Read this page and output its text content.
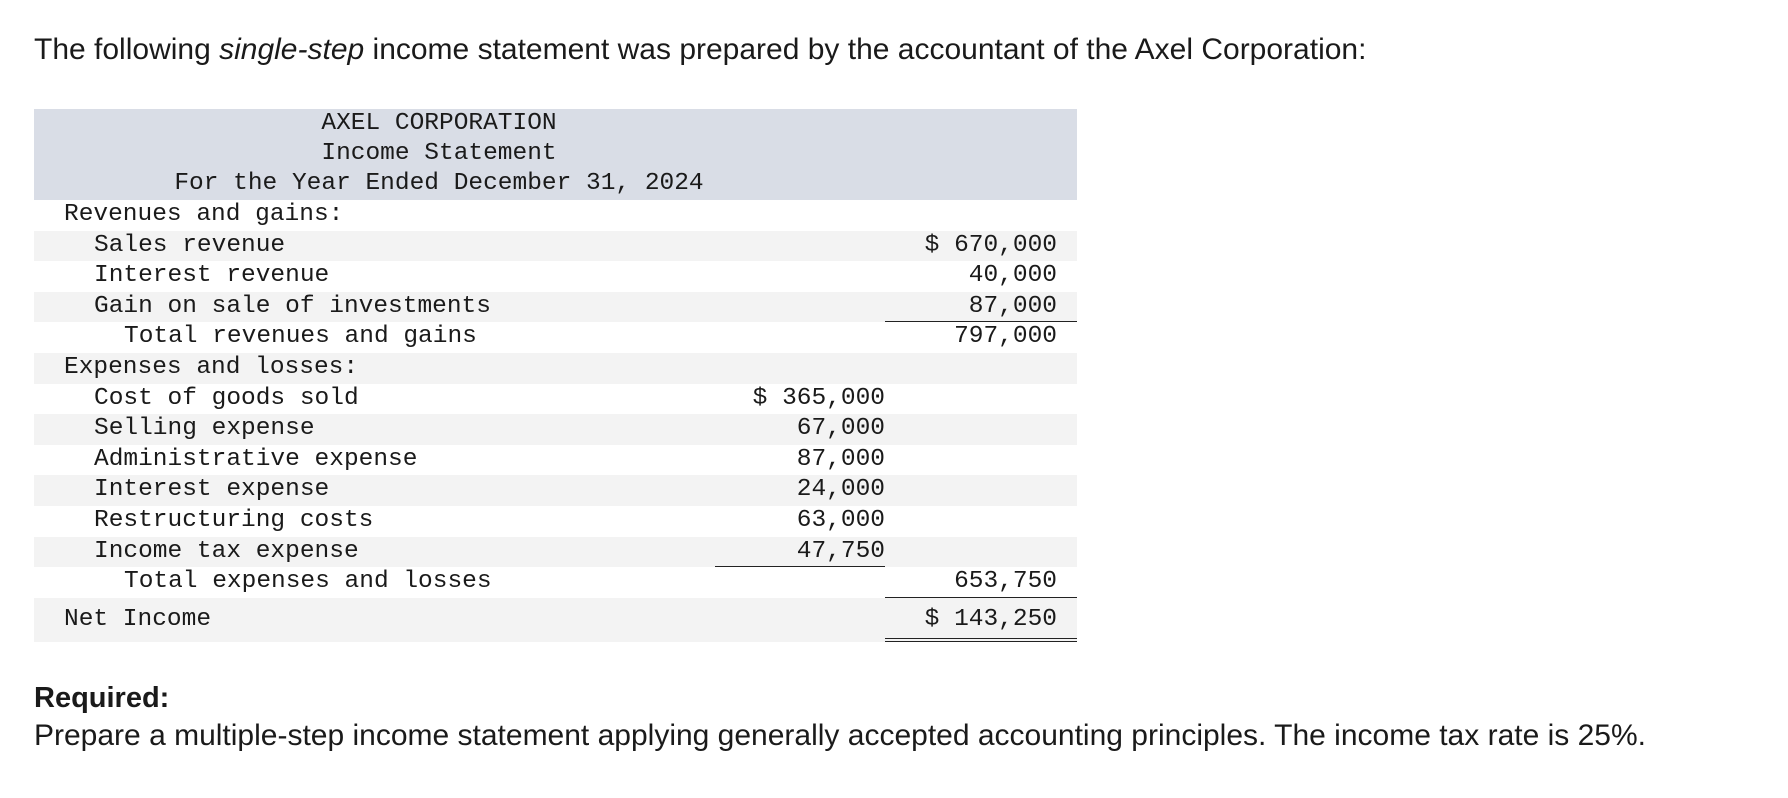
The following single-step income statement was prepared by the accountant of the Axel Corporation:
AXEL CORPORATION
Income Statement
For the Year Ended December 31, 2024
Revenues and gains:
Sales revenue	$ 670,000
Interest revenue	40,000
Gain on sale of investments	87,000
Total revenues and gains	797,000
Expenses and losses:
Cost of goods sold	$ 365,000
Selling expense	67,000
Administrative expense	87,000
Interest expense	24,000
Restructuring costs	63,000
Income tax expense	47,750
Total expenses and losses	653,750
Net Income	$ 143,250
Required:
Prepare a multiple-step income statement applying generally accepted accounting principles. The income tax rate is 25%.
